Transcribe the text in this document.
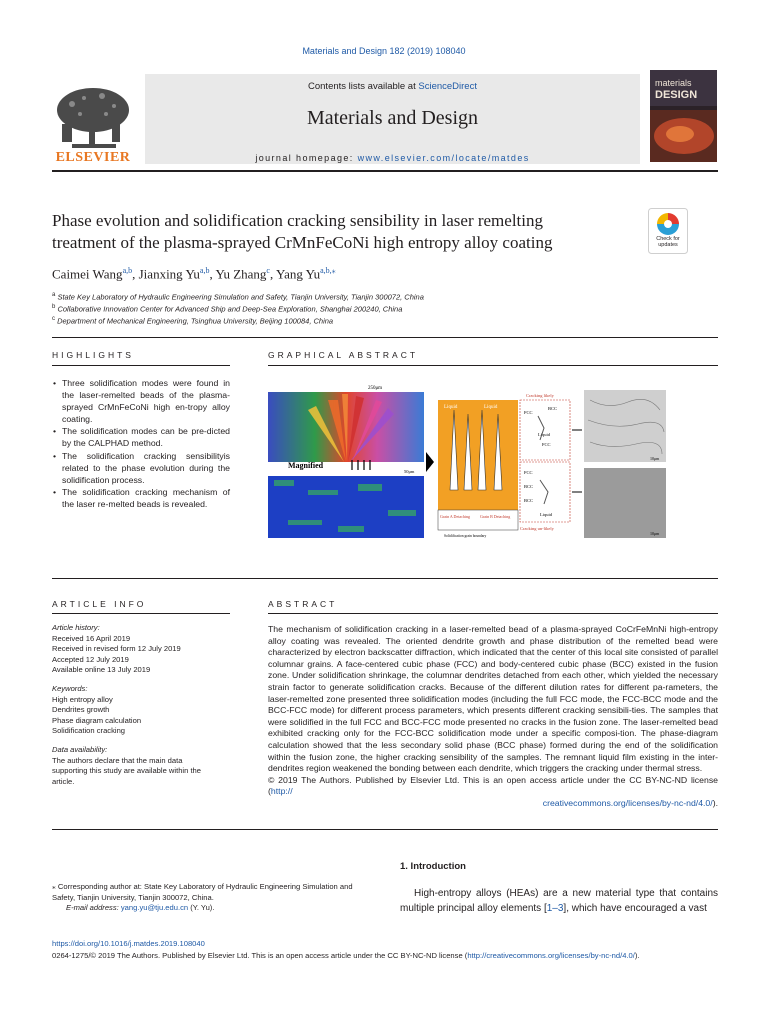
Materials and Design 182 (2019) 108040
ELSEVIER
Contents lists available at ScienceDirect
Materials and Design
journal homepage: www.elsevier.com/locate/matdes
materials
DESIGN
Phase evolution and solidification cracking sensibility in laser remelting
treatment of the plasma-sprayed CrMnFeCoNi high entropy alloy coating	Check for
updates
Caimei Wang$^{a,b}$, Jianxing Yu$^{a,b}$, Yu Zhang$^c$, Yang $Yu^{a,b,⁎}$
$^a$ State Key Laboratory of Hydraulic Engineering Simulation and Safety, Tianjin University, Tianjin 300072, China
$^b$ Collaborative Innovation Center for Advanced Ship and Deep-Sea Exploration, Shanghai 200240, China
$^c$ Department of Mechanical Engineering, Tsinghua University, Beijing 100084, China
HIGHLIGHTS
• Three solidification modes were found in the laser-remelted beads of the plasma-sprayed CrMnFeCoNi high en-tropy alloy coating.
• The solidification modes can be pre-dicted by the CALPHAD method.
• The solidification cracking sensibilityis related to the phase evolution during the solidification process.
• The solidification cracking mechanism of the laser re-melted beads is revealed.
GRAPHICAL ABSTRACT
250μm
50μm
Magnified
Liquid	Liquid
Grain A Detaching	Grain B Detaching
Solidification grain boundary
Cracking likely
Cracking un-likely
FCC
BCC
Liquid
FCC
FCC
BCC
BCC
Liquid
10μm
10μm
ARTICLE INFO
Article history:
Received 16 April 2019
Received in revised form 12 July 2019
Accepted 12 July 2019
Available online 13 July 2019
Keywords:
High entropy alloy
Dendrites growth
Phase diagram calculation
Solidification cracking
Data availability:
The authors declare that the main data
supporting this study are available within the
article.
ABSTRACT

The mechanism of solidification cracking in a laser-remelted bead of a plasma-sprayed CoCrFeMnNi high-entropy alloy coating was revealed. The oriented dendrite growth and phase distribution of the remelted bead were characterized by electron backscatter diffraction, which indicated that the center of this local site consisted of parallel columnar grains. A face-centered cubic phase (FCC) and body-centered cubic phase (BCC) existed in the fusion zone. Under solidification shrinkage, the columnar dendrites detached from each other, which yielded the necessary strain factor to generate solidification cracks. Because of the different dilution rates for different pa-rameters, the laser-remelted zone presented three solidification modes (including the full FCC mode, the FCC-BCC mode and the BCC-FCC mode) for different process parameters, which presents different cracking sensibili-ties. The samples that were solidified in the full FCC and BCC-FCC mode presented no cracks in the fusion zone. The laser-remelted bead exhibited cracking only for the FCC-BCC solidification mode under a specific composi-tion. The phase-diagram calculation showed that the less secondary solid phase (BCC phase) formed during the end of the solidification within the fusion zone, the higher cracking sensibility of the samples. The remnant liquid film existing in the inter-dendrites region weakened the bonding between each dendrite, which triggers the cracking under thermal stress.

© 2019 The Authors. Published by Elsevier Ltd. This is an open access article under the CC BY-NC-ND license (http://

creativecommons.org/licenses/by-nc-nd/4.0/).

1. Introduction

High-entropy alloys (HEAs) are a new material type that contains multiple principal alloy elements [1–3], which have encouraged a vast

⁎ Corresponding author at: State Key Laboratory of Hydraulic Engineering Simulation and Safety, Tianjin University, Tianjin 300072, China.
E-mail address: yang.yu@tju.edu.cn (Y. Yu).
https://doi.org/10.1016/j.matdes.2019.108040
0264-1275/© 2019 The Authors. Published by Elsevier Ltd. This is an open access article under the CC BY-NC-ND license (http://creativecommons.org/licenses/by-nc-nd/4.0/).
